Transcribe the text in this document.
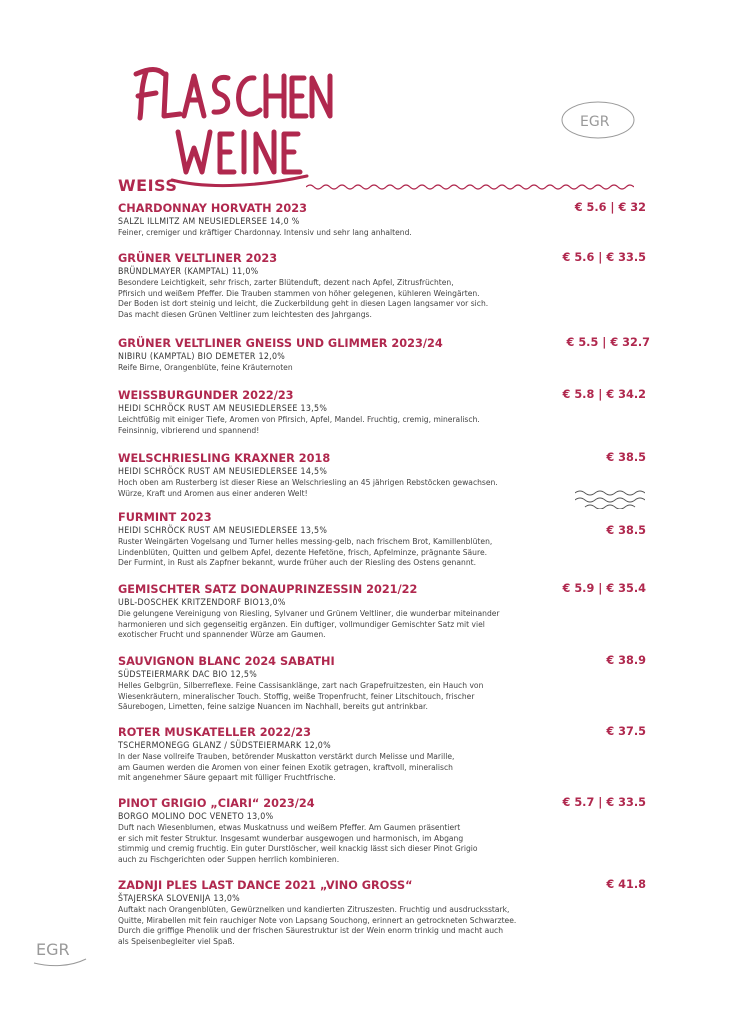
EGR
WEISS
CHARDONNAY HORVATH 2023
SALZL ILLMITZ AM NEUSIEDLERSEE 14,0 %
Feiner, cremiger und kräftiger Chardonnay. Intensiv und sehr lang anhaltend.
€ 5.6 | € 32
GRÜNER VELTLINER 2023
BRÜNDLMAYER (KAMPTAL) 11,0%
Besondere Leichtigkeit, sehr frisch, zarter Blütenduft, dezent nach Apfel, Zitrusfrüchten,
Pfirsich und weißem Pfeffer. Die Trauben stammen von höher gelegenen, kühleren Weingärten.
Der Boden ist dort steinig und leicht, die Zuckerbildung geht in diesen Lagen langsamer vor sich.
Das macht diesen Grünen Veltliner zum leichtesten des Jahrgangs.
€ 5.6 | € 33.5
GRÜNER VELTLINER GNEISS UND GLIMMER 2023/24
NIBIRU (KAMPTAL) BIO DEMETER 12,0%
Reife Birne, Orangenblüte, feine Kräuternoten
€ 5.5 | € 32.7
WEISSBURGUNDER 2022/23
HEIDI SCHRÖCK RUST AM NEUSIEDLERSEE 13,5%
Leichtfüßig mit einiger Tiefe, Aromen von Pfirsich, Apfel, Mandel. Fruchtig, cremig, mineralisch.
Feinsinnig, vibrierend und spannend!
€ 5.8 | € 34.2
WELSCHRIESLING KRAXNER 2018
HEIDI SCHRÖCK RUST AM NEUSIEDLERSEE 14,5%
Hoch oben am Rusterberg ist dieser Riese an Welschriesling an 45 jährigen Rebstöcken gewachsen.
Würze, Kraft und Aromen aus einer anderen Welt!
€ 38.5
FURMINT 2023
HEIDI SCHRÖCK RUST AM NEUSIEDLERSEE 13,5%
Ruster Weingärten Vogelsang und Turner helles messing-gelb, nach frischem Brot, Kamillenblüten,
Lindenblüten, Quitten und gelbem Apfel, dezente Hefetöne, frisch, Apfelminze, prägnante Säure.
Der Furmint, in Rust als Zapfner bekannt, wurde früher auch der Riesling des Ostens genannt.
€ 38.5
GEMISCHTER SATZ DONAUPRINZESSIN 2021/22
UBL-DOSCHEK KRITZENDORF BIO13,0%
Die gelungene Vereinigung von Riesling, Sylvaner und Grünem Veltliner, die wunderbar miteinander
harmonieren und sich gegenseitig ergänzen. Ein duftiger, vollmundiger Gemischter Satz mit viel
exotischer Frucht und spannender Würze am Gaumen.
€ 5.9 | € 35.4
SAUVIGNON BLANC 2024 SABATHI
SÜDSTEIERMARK DAC BIO 12,5%
Helles Gelbgrün, Silberreflexe. Feine Cassisanklänge, zart nach Grapefruitzesten, ein Hauch von
Wiesenkräutern, mineralischer Touch. Stoffig, weiße Tropenfrucht, feiner Litschitouch, frischer
Säurebogen, Limetten, feine salzige Nuancen im Nachhall, bereits gut antrinkbar.
€ 38.9
ROTER MUSKATELLER 2022/23
TSCHERMONEGG GLANZ / SÜDSTEIERMARK 12,0%
In der Nase vollreife Trauben, betörender Muskatton verstärkt durch Melisse und Marille,
am Gaumen werden die Aromen von einer feinen Exotik getragen, kraftvoll, mineralisch
mit angenehmer Säure gepaart mit fülliger Fruchtfrische.
€ 37.5
PINOT GRIGIO „CIARI“ 2023/24
BORGO MOLINO DOC VENETO 13,0%
Duft nach Wiesenblumen, etwas Muskatnuss und weißem Pfeffer. Am Gaumen präsentiert
er sich mit fester Struktur. Insgesamt wunderbar ausgewogen und harmonisch, im Abgang
stimmig und cremig fruchtig. Ein guter Durstlöscher, weil knackig lässt sich dieser Pinot Grigio
auch zu Fischgerichten oder Suppen herrlich kombinieren.
€ 5.7 | € 33.5
ZADNJI PLES LAST DANCE 2021 „VINO GROSS“
ŠTAJERSKA SLOVENIJA 13,0%
Auftakt nach Orangenblüten, Gewürznelken und kandierten Zitruszesten. Fruchtig und ausdrucksstark,
Quitte, Mirabellen mit fein rauchiger Note von Lapsang Souchong, erinnert an getrockneten Schwarztee.
Durch die griffige Phenolik und der frischen Säurestruktur ist der Wein enorm trinkig und macht auch
als Speisenbegleiter viel Spaß.
€ 41.8
EGR
